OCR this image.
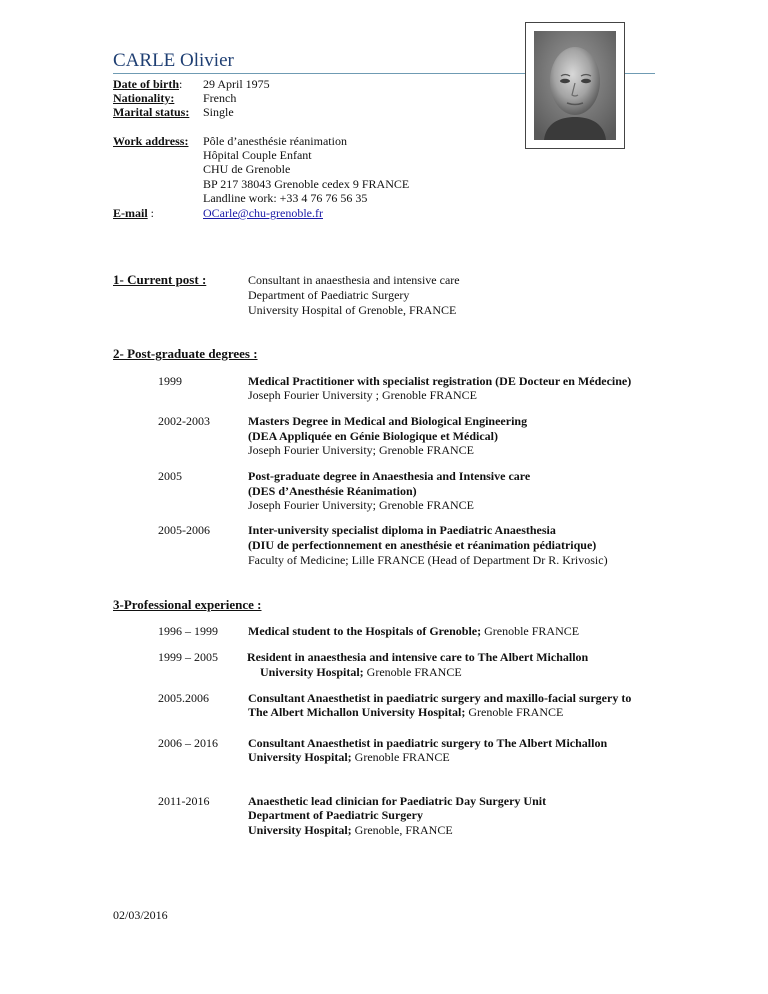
CARLE Olivier
Date of birth: 29 April 1975
Nationality: French
Marital status: Single
Work address: Pôle d’anesthésie réanimation
Hôpital Couple Enfant
CHU de Grenoble
BP 217 38043 Grenoble cedex 9 FRANCE
Landline work: +33 4 76 76 56 35
E-mail :	OCarle@chu-grenoble.fr
1- Current post :	Consultant in anaesthesia and intensive care
Department of Paediatric Surgery
University Hospital of Grenoble, FRANCE
2- Post-graduate degrees :
1999	Medical Practitioner with specialist registration (DE Docteur en Médecine)
Joseph Fourier University ; Grenoble FRANCE
2002-2003	Masters Degree in Medical and Biological Engineering
(DEA Appliquée en Génie Biologique et Médical)
Joseph Fourier University; Grenoble FRANCE
2005	Post-graduate degree in Anaesthesia and Intensive care
(DES d’Anesthésie Réanimation)
Joseph Fourier University; Grenoble FRANCE
2005-2006	Inter-university specialist diploma in Paediatric Anaesthesia
(DIU de perfectionnement en anesthésie et réanimation pédiatrique)
Faculty of Medicine; Lille FRANCE (Head of Department Dr R. Krivosic)
3-Professional experience :
1996 – 1999	Medical student to the Hospitals of Grenoble; Grenoble FRANCE
1999 – 2005 Resident in anaesthesia and intensive care to The Albert Michallon
University Hospital; Grenoble FRANCE
2005.2006	Consultant Anaesthetist in paediatric surgery and maxillo-facial surgery to
The Albert Michallon University Hospital; Grenoble FRANCE
2006 – 2016	Consultant Anaesthetist in paediatric surgery to The Albert Michallon
University Hospital; Grenoble FRANCE
2011-2016	Anaesthetic lead clinician for Paediatric Day Surgery Unit
Department of Paediatric Surgery
University Hospital; Grenoble, FRANCE
02/03/2016
